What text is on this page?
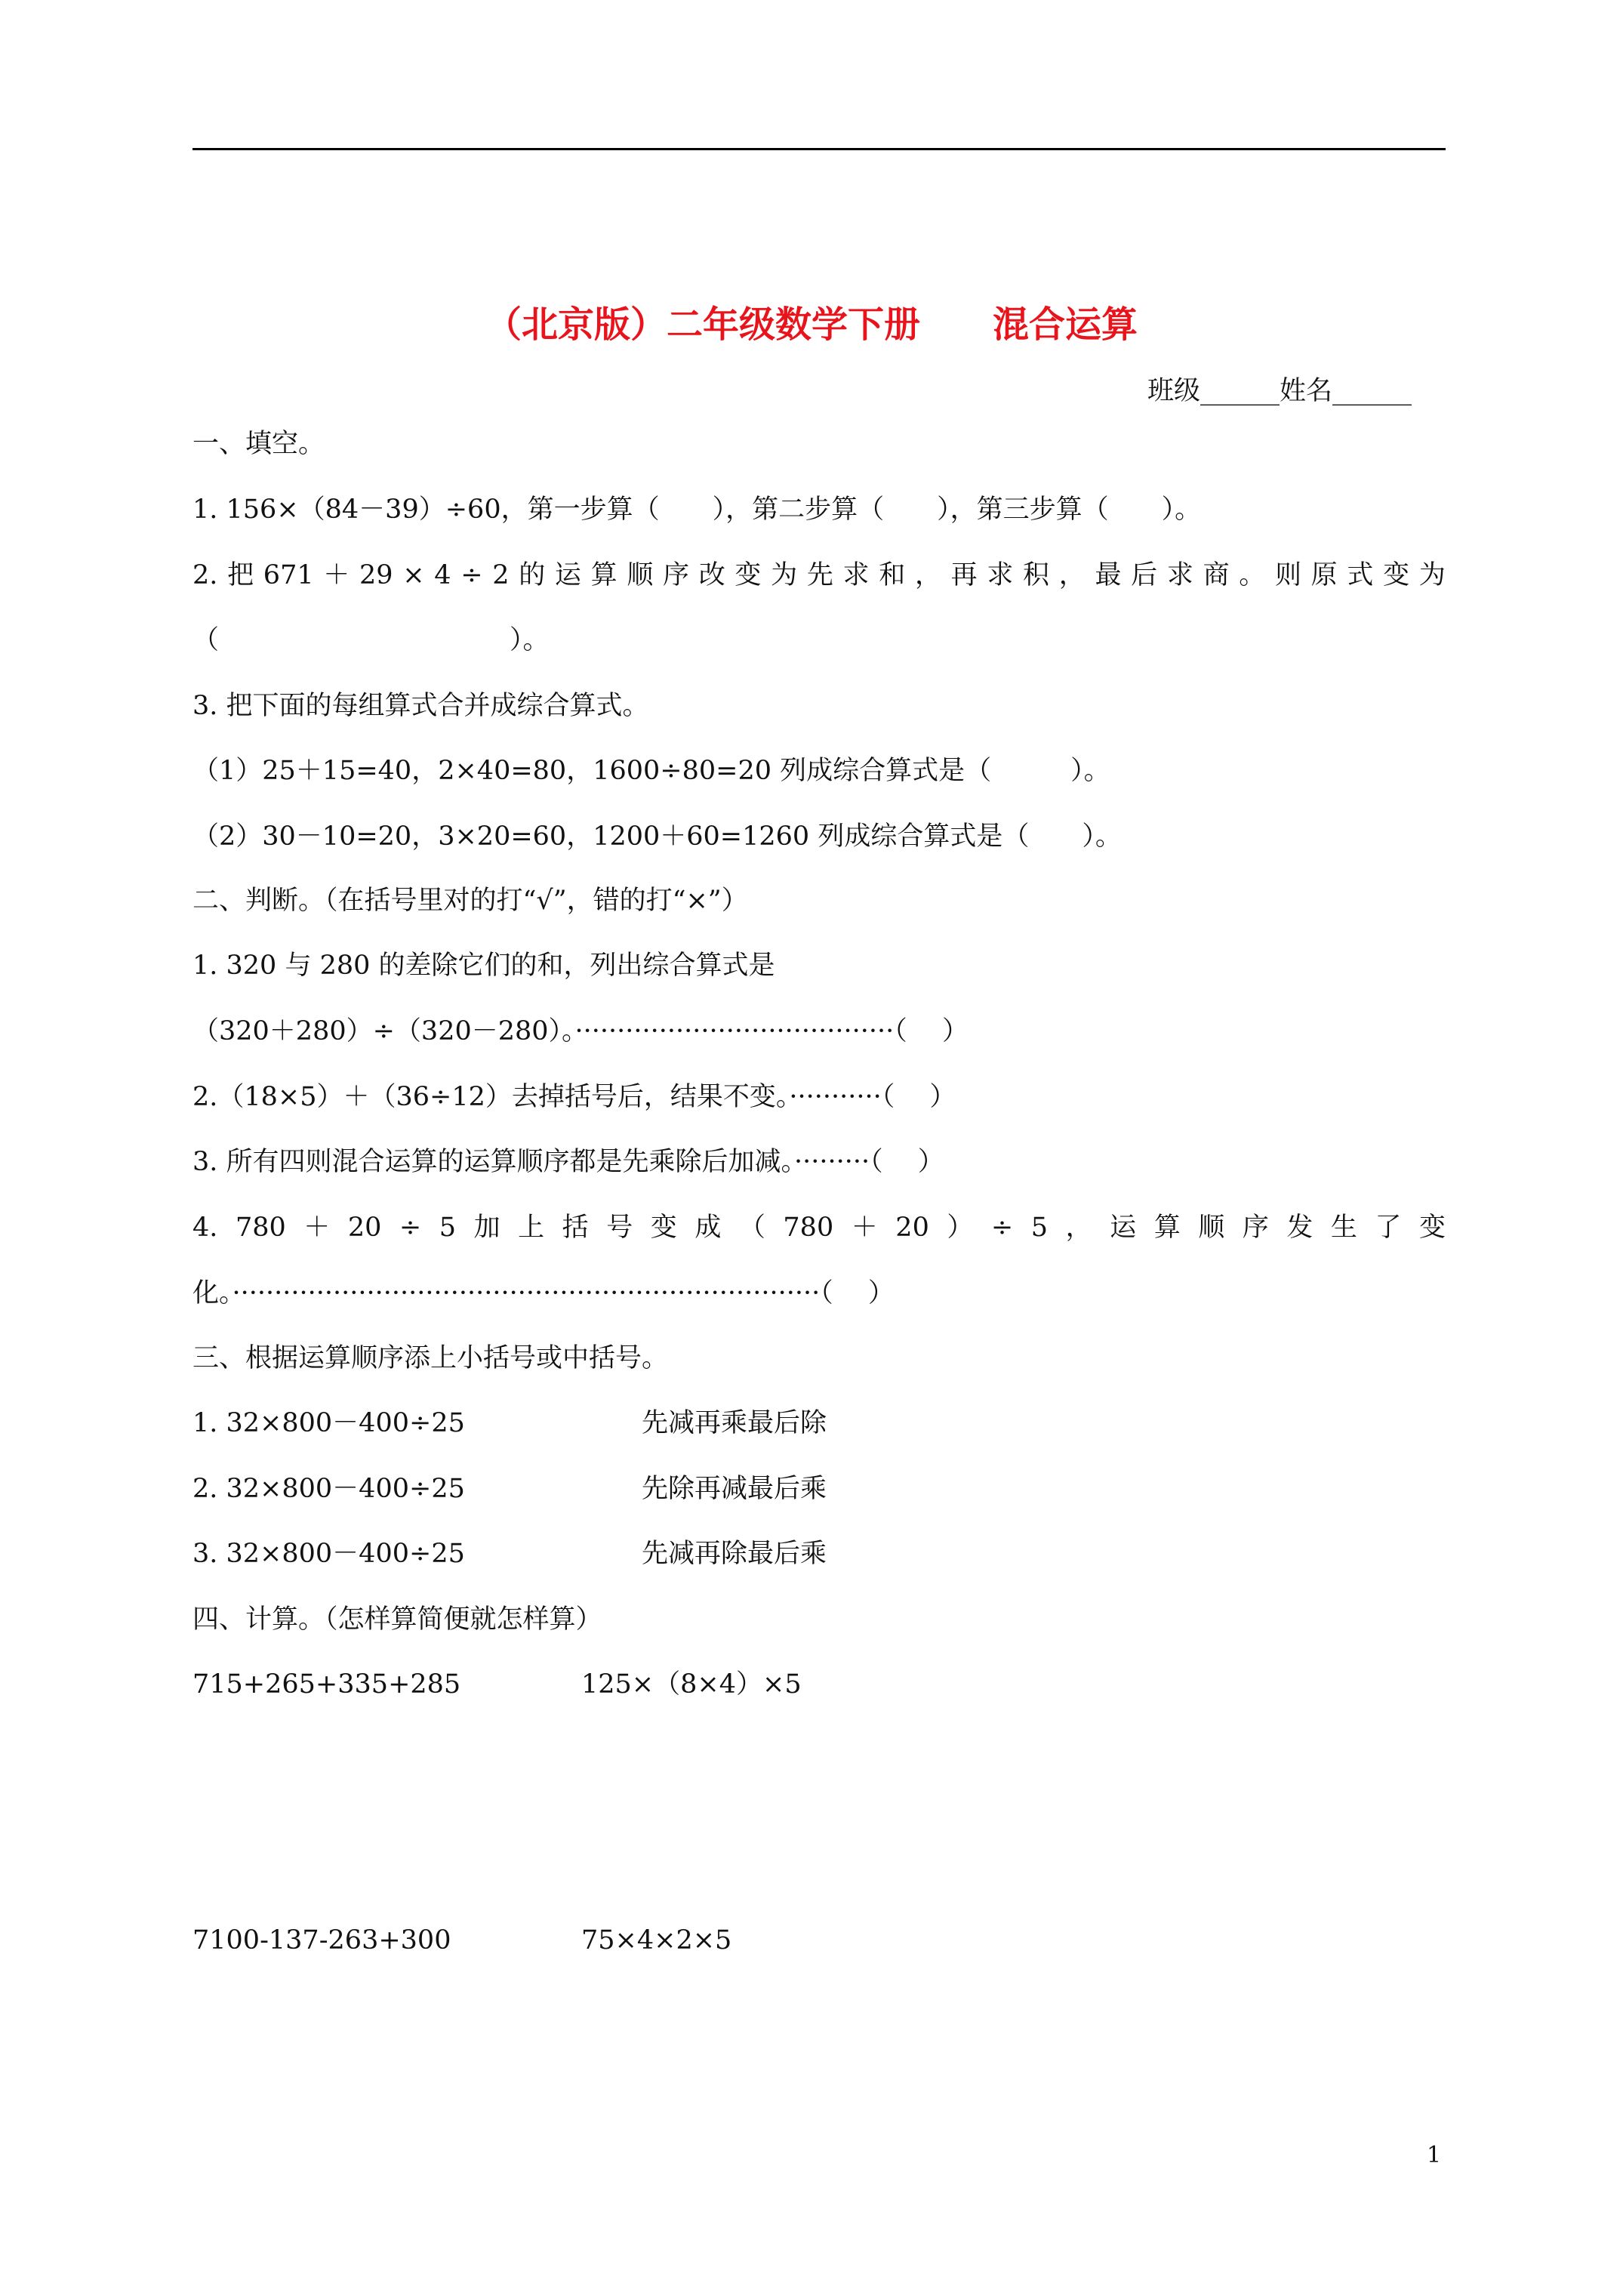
（北京版）二年级数学下册　　混合运算
班级______姓名______
一、填空。
1. 156×（84－39）÷60，第一步算（　　），第二步算（　　），第三步算（　　）。
2. 把 671 ＋ 29 × 4 ÷ 2 的 运 算 顺 序 改 变 为 先 求 和 ， 再 求 积 ， 最 后 求 商 。 则 原 式 变 为
（　　　　　　　　　　　）。
3. 把下面的每组算式合并成综合算式。
（1）25＋15=40，2×40=80，1600÷80=20 列成综合算式是（　　　）。
（2）30－10=20，3×20=60，1200＋60=1260 列成综合算式是（　　）。
二、判断。（在括号里对的打“√”，错的打“×”）
1. 320 与 280 的差除它们的和，列出综合算式是
（320＋280）÷（320－280）。······································（　 ）
2.（18×5）＋（36÷12）去掉括号后，结果不变。···········（　 ）
3. 所有四则混合运算的运算顺序都是先乘除后加减。·········（　 ）
4. 780 ＋ 20 ÷ 5 加 上 括 号 变 成 （ 780 ＋ 20 ） ÷ 5 ， 运 算 顺 序 发 生 了 变
化。······································································（　 ）
三、根据运算顺序添上小括号或中括号。
1. 32×800－400÷25	先减再乘最后除
2. 32×800－400÷25	先除再减最后乘
3. 32×800－400÷25	先减再除最后乘
四、计算。（怎样算简便就怎样算）
715+265+335+285	125×（8×4）×5
7100-137-263+300	75×4×2×5
1
